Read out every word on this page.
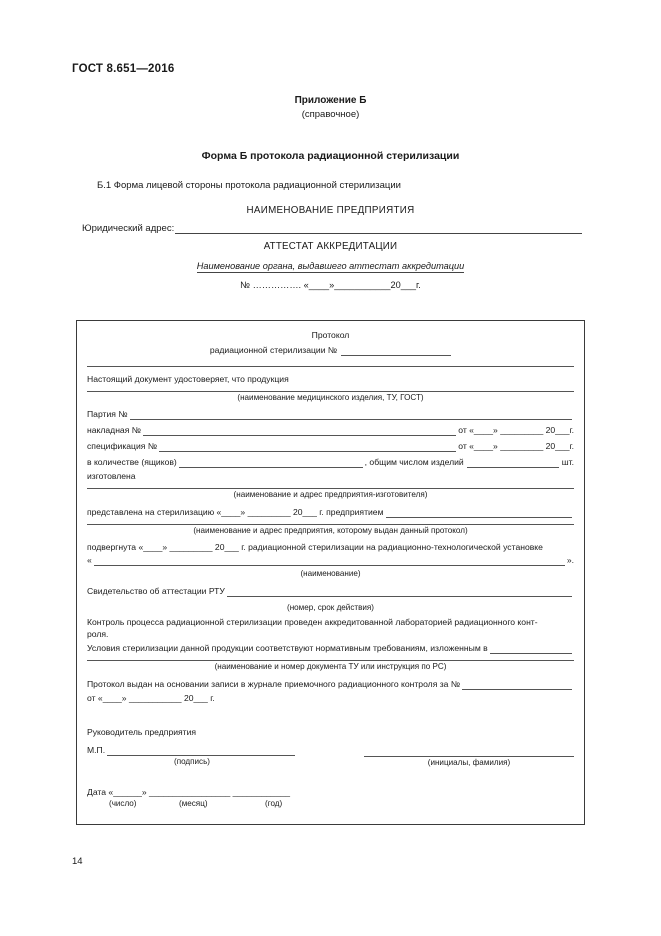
ГОСТ 8.651—2016
Приложение Б
(справочное)
Форма Б протокола радиационной стерилизации
Б.1 Форма лицевой стороны протокола радиационной стерилизации
НАИМЕНОВАНИЕ ПРЕДПРИЯТИЯ
Юридический адрес:
АТТЕСТАТ АККРЕДИТАЦИИ
Наименование органа, выдавшего аттестат аккредитации
№ ……………. «____»___________20___г.
Протокол
радиационной стерилизации №
Настоящий документ удостоверяет, что продукция
(наименование медицинского изделия, ТУ, ГОСТ)
Партия №
накладная №	от «____» _________ 20___г.
спецификация №	от «____» _________ 20___г.
в количестве (ящиков)	, общим числом изделий	шт.
изготовлена
(наименование и адрес предприятия-изготовителя)
представлена на стерилизацию «____» _________ 20___ г. предприятием
(наименование и адрес предприятия, которому выдан данный протокол)
подвергнута «____» _________ 20___ г. радиационной стерилизации на радиационно-технологической установке
«	».
(наименование)
Свидетельство об аттестации РТУ
(номер, срок действия)
Контроль процесса радиационной стерилизации проведен аккредитованной лабораторией радиационного конт-
роля.
Условия стерилизации данной продукции соответствуют нормативным требованиям, изложенным в
(наименование и номер документа ТУ или инструкция по РС)
Протокол выдан на основании записи в журнале приемочного радиационного контроля за №
от «____» ___________ 20___ г.
Руководитель предприятия
М.П.
(подпись)	(инициалы, фамилия)
Дата «______» _________________ ____________
(число)	(месяц)	(год)
14
